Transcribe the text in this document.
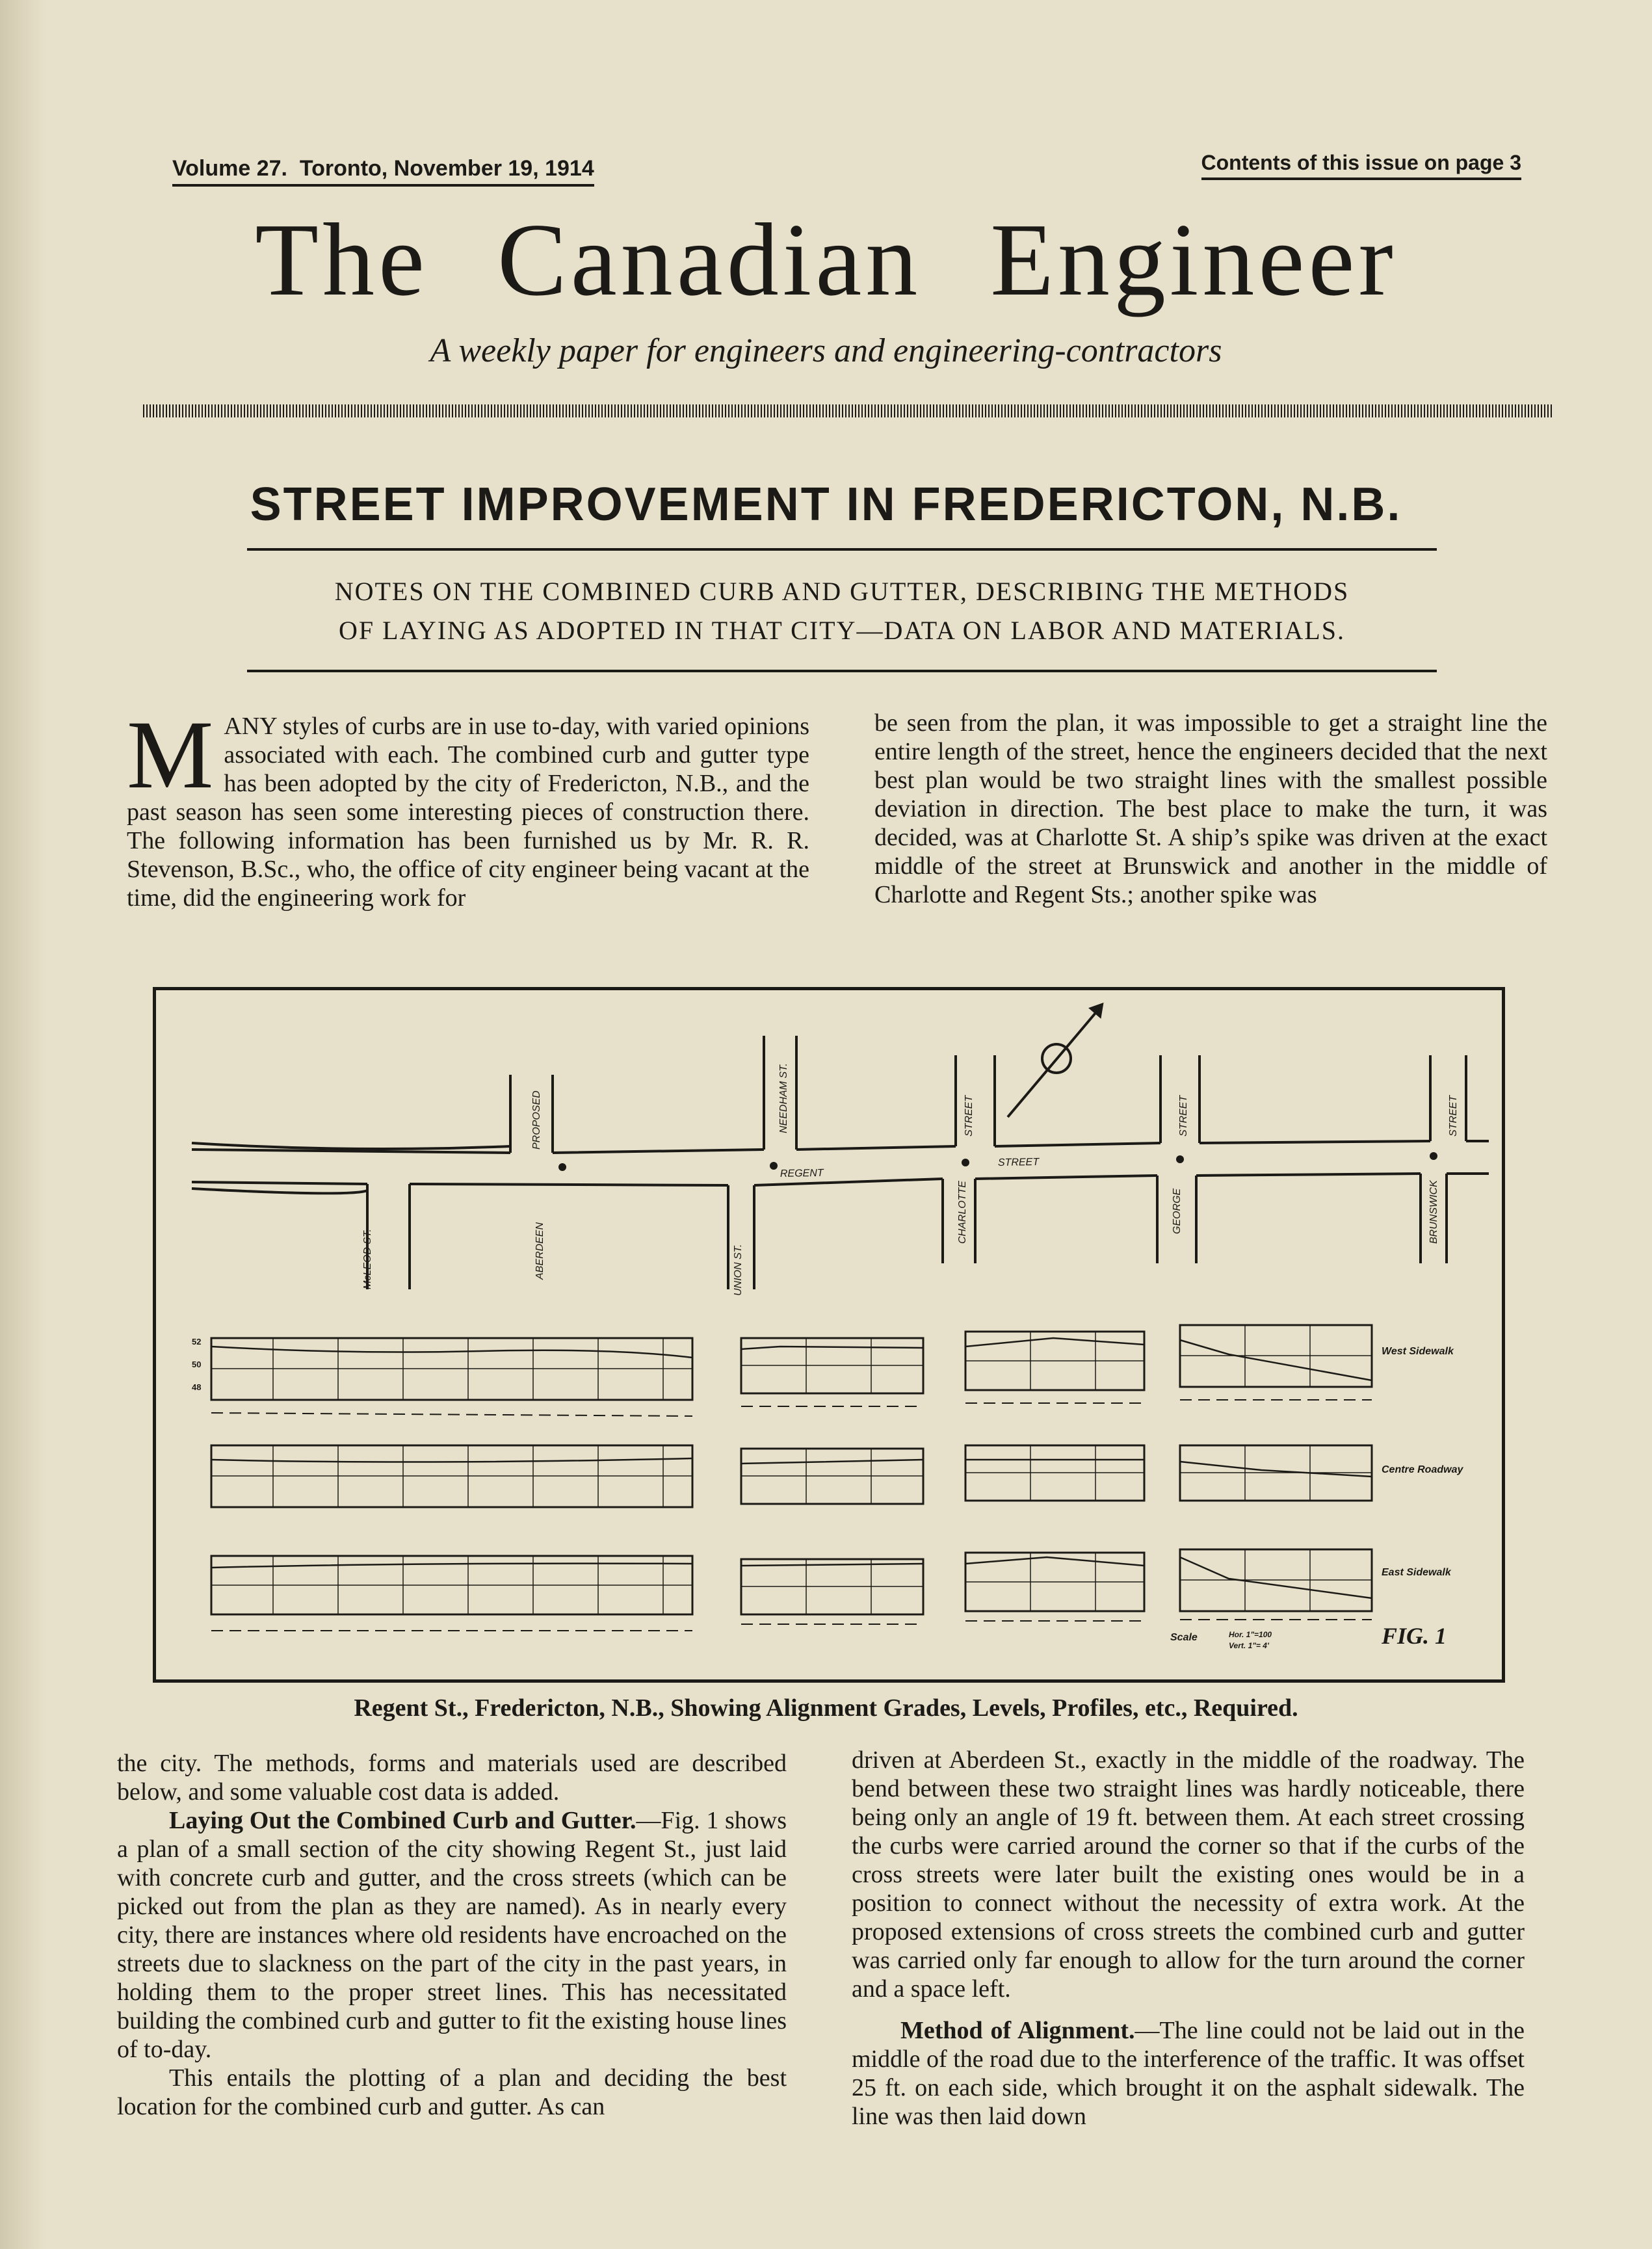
Volume 27. Toronto, November 19, 1914	Contents of this issue on page 3
The Canadian Engineer
A weekly paper for engineers and engineering-contractors
STREET IMPROVEMENT IN FREDERICTON, N.B.
NOTES ON THE COMBINED CURB AND GUTTER, DESCRIBING THE METHODS
OF LAYING AS ADOPTED IN THAT CITY—DATA ON LABOR AND MATERIALS.
M ANY styles of curbs are in use to-day, with varied opinions associated with each. The combined curb and gutter type has been adopted by the city of Fredericton, N.B., and the past season has seen some interesting pieces of construction there. The following information has been furnished us by Mr. R. R. Stevenson, B.Sc., who, the office of city engineer being vacant at the time, did the engineering work for
be seen from the plan, it was impossible to get a straight line the entire length of the street, hence the engineers decided that the next best plan would be two straight lines with the smallest possible deviation in direction. The best place to make the turn, it was decided, was at Charlotte St. A ship’s spike was driven at the exact middle of the street at Brunswick and another in the middle of Charlotte and Regent Sts.; another spike was
McLEOD ST.
PROPOSED
ABERDEEN
NEEDHAM ST.
UNION ST.
STREET
CHARLOTTE
STREET
GEORGE
STREET
BRUNSWICK
REGENT
STREET
52
50
48
West Sidewalk
Centre Roadway
East Sidewalk
Scale	Hor. 1"=100
Vert. 1"= 4'	FIG. 1
Regent St., Fredericton, N.B., Showing Alignment Grades, Levels, Profiles, etc., Required.

the city. The methods, forms and materials used are described below, and some valuable cost data is added.

Laying Out the Combined Curb and Gutter.—Fig. 1 shows a plan of a small section of the city showing Regent St., just laid with concrete curb and gutter, and the cross streets (which can be picked out from the plan as they are named). As in nearly every city, there are instances where old residents have encroached on the streets due to slackness on the part of the city in the past years, in holding them to the proper street lines. This has necessitated building the combined curb and gutter to fit the existing house lines of to-day.

This entails the plotting of a plan and deciding the best location for the combined curb and gutter. As can

driven at Aberdeen St., exactly in the middle of the roadway. The bend between these two straight lines was hardly noticeable, there being only an angle of 19 ft. between them. At each street crossing the curbs were carried around the corner so that if the curbs of the cross streets were later built the existing ones would be in a position to connect without the necessity of extra work. At the proposed extensions of cross streets the combined curb and gutter was carried only far enough to allow for the turn around the corner and a space left.

Method of Alignment.—The line could not be laid out in the middle of the road due to the interference of the traffic. It was offset 25 ft. on each side, which brought it on the asphalt sidewalk. The line was then laid down
